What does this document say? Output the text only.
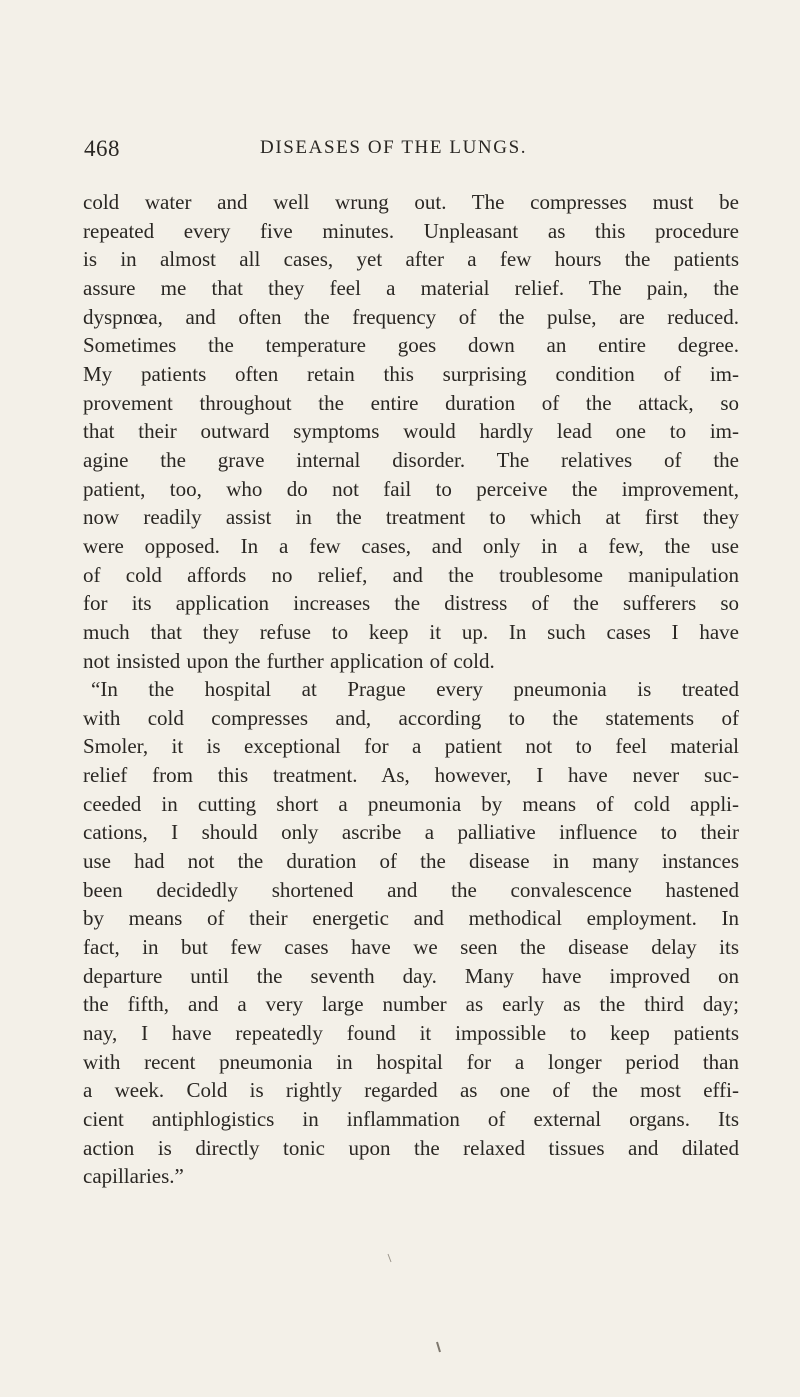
468	DISEASES OF THE LUNGS.
cold water and well wrung out. The compresses must be
repeated every five minutes. Unpleasant as this procedure
is in almost all cases, yet after a few hours the patients
assure me that they feel a material relief. The pain, the
dyspnœa, and often the frequency of the pulse, are reduced.
Sometimes the temperature goes down an entire degree.
My patients often retain this surprising condition of im-
provement throughout the entire duration of the attack, so
that their outward symptoms would hardly lead one to im-
agine the grave internal disorder. The relatives of the
patient, too, who do not fail to perceive the improvement,
now readily assist in the treatment to which at first they
were opposed. In a few cases, and only in a few, the use
of cold affords no relief, and the troublesome manipulation
for its application increases the distress of the sufferers so
much that they refuse to keep it up. In such cases I have
not insisted upon the further application of cold.
“In the hospital at Prague every pneumonia is treated
with cold compresses and, according to the statements of
Smoler, it is exceptional for a patient not to feel material
relief from this treatment. As, however, I have never suc-
ceeded in cutting short a pneumonia by means of cold appli-
cations, I should only ascribe a palliative influence to their
use had not the duration of the disease in many instances
been decidedly shortened and the convalescence hastened
by means of their energetic and methodical employment. In
fact, in but few cases have we seen the disease delay its
departure until the seventh day. Many have improved on
the fifth, and a very large number as early as the third day;
nay, I have repeatedly found it impossible to keep patients
with recent pneumonia in hospital for a longer period than
a week. Cold is rightly regarded as one of the most effi-
cient antiphlogistics in inflammation of external organs. Its
action is directly tonic upon the relaxed tissues and dilated
capillaries.”
